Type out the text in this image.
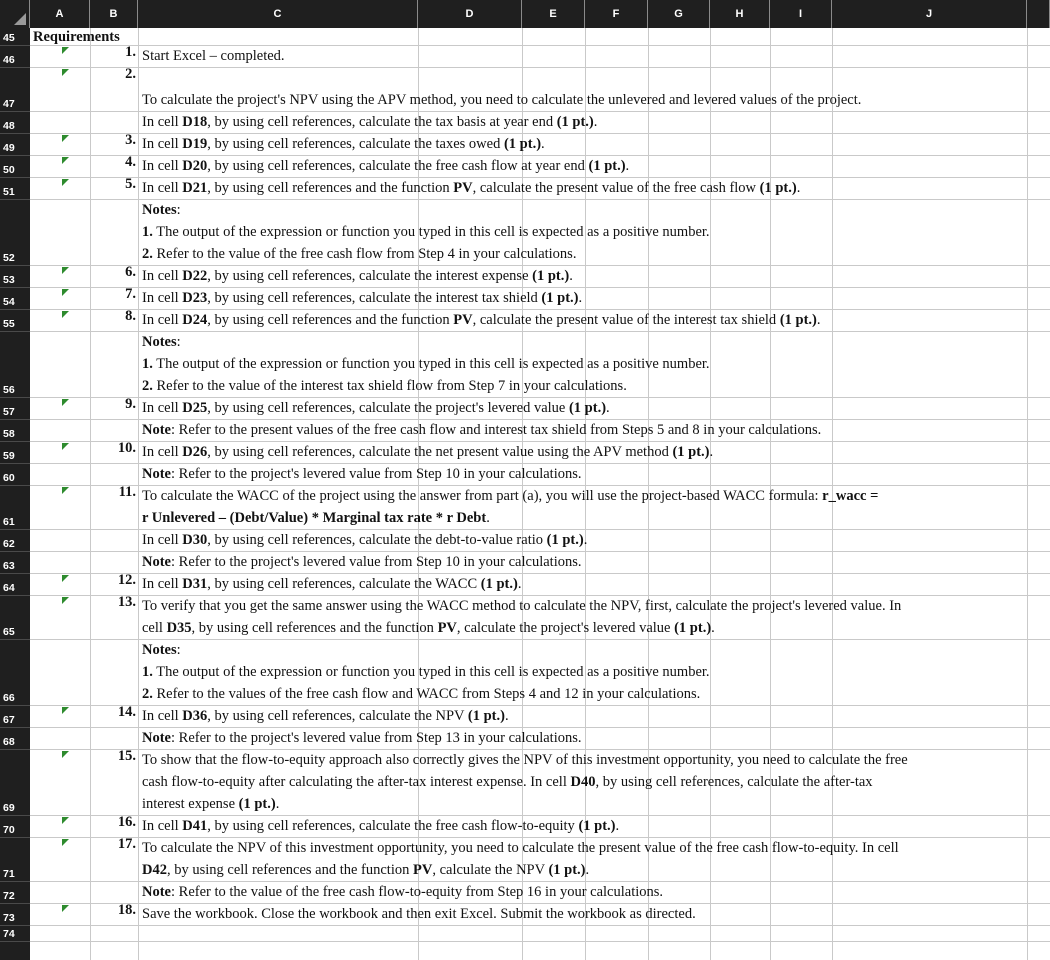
A	B	C	D	E	F	G	H	I	J
45
46
47
48
49
50
51
52
53
54
55
56
57
58
59
60
61
62
63
64
65
66
67
68
69
70
71
72
73
74
Requirements
1. Start Excel – completed.
2.
To calculate the project's NPV using the APV method, you need to calculate the unlevered and levered values of the project.
In cell D18, by using cell references, calculate the tax basis at year end (1 pt.).
3. In cell D19, by using cell references, calculate the taxes owed (1 pt.).
4. In cell D20, by using cell references, calculate the free cash flow at year end (1 pt.).
5. In cell D21, by using cell references and the function PV, calculate the present value of the free cash flow (1 pt.).
Notes:
1. The output of the expression or function you typed in this cell is expected as a positive number.
2. Refer to the value of the free cash flow from Step 4 in your calculations.
6. In cell D22, by using cell references, calculate the interest expense (1 pt.).
7. In cell D23, by using cell references, calculate the interest tax shield (1 pt.).
8. In cell D24, by using cell references and the function PV, calculate the present value of the interest tax shield (1 pt.).
Notes:
1. The output of the expression or function you typed in this cell is expected as a positive number.
2. Refer to the value of the interest tax shield flow from Step 7 in your calculations.
9. In cell D25, by using cell references, calculate the project's levered value (1 pt.).
Note: Refer to the present values of the free cash flow and interest tax shield from Steps 5 and 8 in your calculations.
10. In cell D26, by using cell references, calculate the net present value using the APV method (1 pt.).
Note: Refer to the project's levered value from Step 10 in your calculations.
11. To calculate the WACC of the project using the answer from part (a), you will use the project-based WACC formula: r_wacc =
r Unlevered – (Debt/Value) * Marginal tax rate * r Debt.
In cell D30, by using cell references, calculate the debt-to-value ratio (1 pt.).
Note: Refer to the project's levered value from Step 10 in your calculations.
12. In cell D31, by using cell references, calculate the WACC (1 pt.).
13. To verify that you get the same answer using the WACC method to calculate the NPV, first, calculate the project's levered value. In
cell D35, by using cell references and the function PV, calculate the project's levered value (1 pt.).
Notes:
1. The output of the expression or function you typed in this cell is expected as a positive number.
2. Refer to the values of the free cash flow and WACC from Steps 4 and 12 in your calculations.
14. In cell D36, by using cell references, calculate the NPV (1 pt.).
Note: Refer to the project's levered value from Step 13 in your calculations.
15. To show that the flow-to-equity approach also correctly gives the NPV of this investment opportunity, you need to calculate the free
cash flow-to-equity after calculating the after-tax interest expense. In cell D40, by using cell references, calculate the after-tax
interest expense (1 pt.).
16. In cell D41, by using cell references, calculate the free cash flow-to-equity (1 pt.).
17. To calculate the NPV of this investment opportunity, you need to calculate the present value of the free cash flow-to-equity. In cell
D42, by using cell references and the function PV, calculate the NPV (1 pt.).
Note: Refer to the value of the free cash flow-to-equity from Step 16 in your calculations.
18. Save the workbook. Close the workbook and then exit Excel. Submit the workbook as directed.
